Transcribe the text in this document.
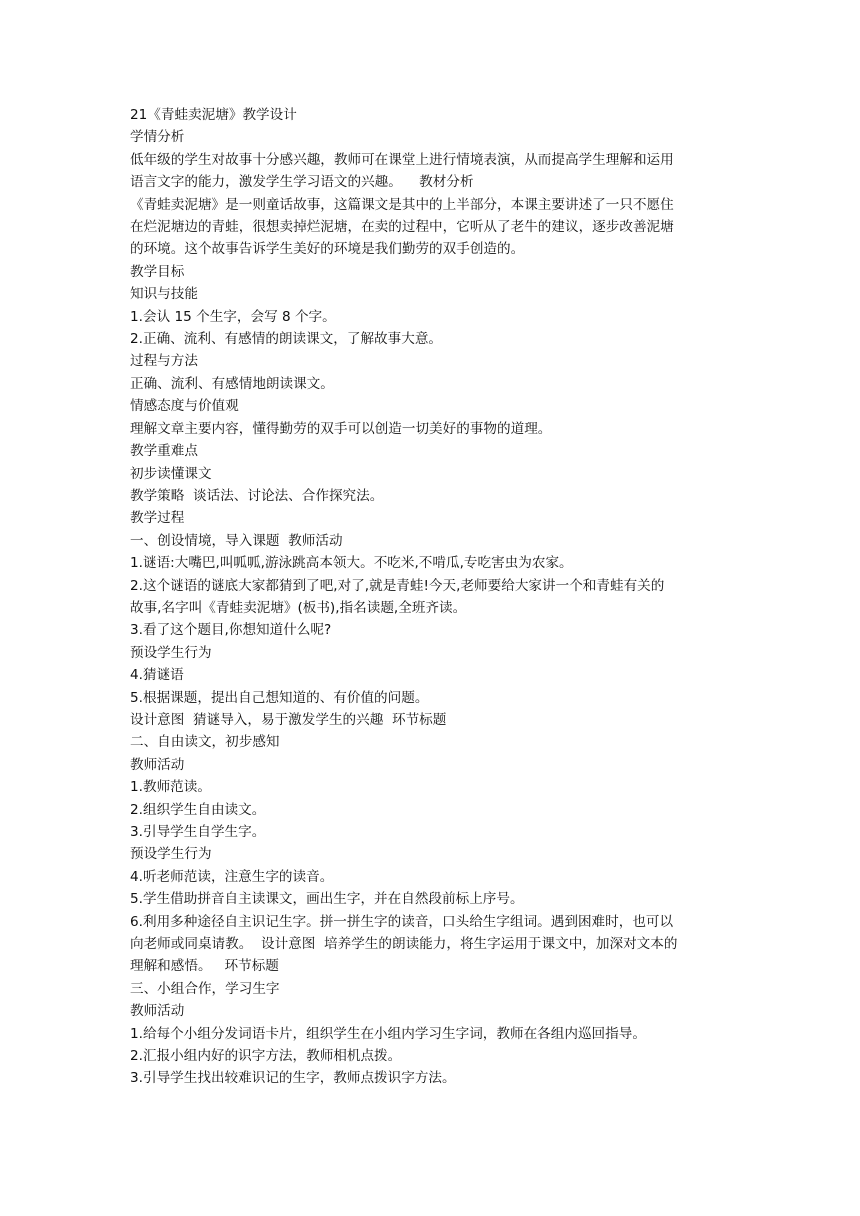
21《青蛙卖泥塘》教学设计
学情分析
低年级的学生对故事十分感兴趣，教师可在课堂上进行情境表演，从而提高学生理解和运用
语言文字的能力，激发学生学习语文的兴趣。    教材分析
《青蛙卖泥塘》是一则童话故事，这篇课文是其中的上半部分，本课主要讲述了一只不愿住
在烂泥塘边的青蛙，很想卖掉烂泥塘，在卖的过程中，它听从了老牛的建议，逐步改善泥塘
的环境。这个故事告诉学生美好的环境是我们勤劳的双手创造的。
教学目标
知识与技能
1.会认 15 个生字，会写 8 个字。
2.正确、流利、有感情的朗读课文，了解故事大意。
过程与方法
正确、流利、有感情地朗读课文。
情感态度与价值观
理解文章主要内容，懂得勤劳的双手可以创造一切美好的事物的道理。
教学重难点
初步读懂课文
教学策略  谈话法、讨论法、合作探究法。
教学过程
一、创设情境，导入课题  教师活动
1.谜语:大嘴巴,叫呱呱,游泳跳高本领大。不吃米,不啃瓜,专吃害虫为农家。
2.这个谜语的谜底大家都猜到了吧,对了,就是青蛙!今天,老师要给大家讲一个和青蛙有关的
故事,名字叫《青蛙卖泥塘》(板书),指名读题,全班齐读。
3.看了这个题目,你想知道什么呢?
预设学生行为
4.猜谜语
5.根据课题，提出自己想知道的、有价值的问题。
设计意图  猜谜导入，易于激发学生的兴趣  环节标题
二、自由读文，初步感知
教师活动
1.教师范读。
2.组织学生自由读文。
3.引导学生自学生字。
预设学生行为
4.听老师范读，注意生字的读音。
5.学生借助拼音自主读课文，画出生字，并在自然段前标上序号。
6.利用多种途径自主识记生字。拼一拼生字的读音，口头给生字组词。遇到困难时，也可以
向老师或同桌请教。  设计意图  培养学生的朗读能力，将生字运用于课文中，加深对文本的
理解和感悟。   环节标题
三、小组合作，学习生字
教师活动
1.给每个小组分发词语卡片，组织学生在小组内学习生字词，教师在各组内巡回指导。
2.汇报小组内好的识字方法，教师相机点拨。
3.引导学生找出较难识记的生字，教师点拨识字方法。
